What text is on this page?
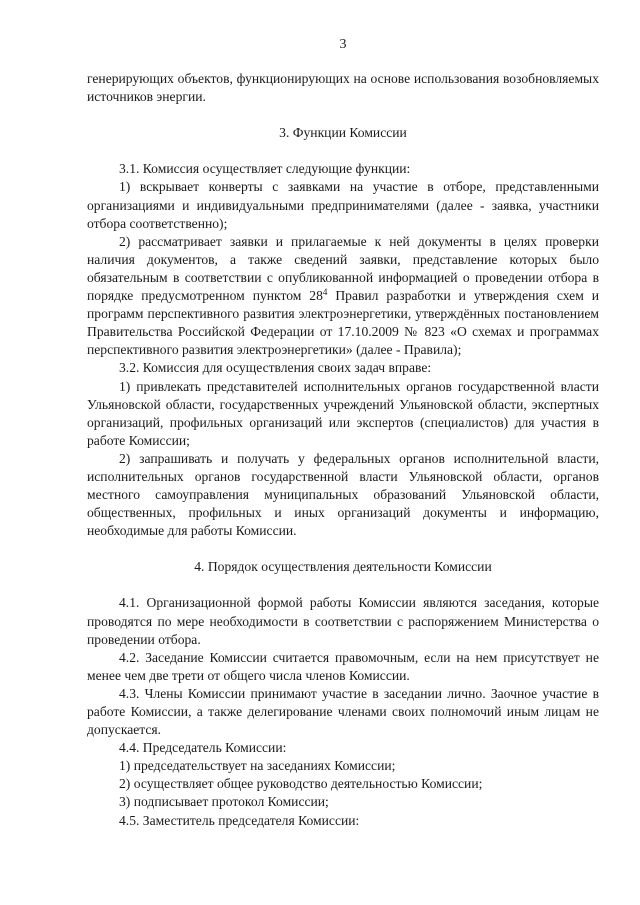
3

генерирующих объектов, функционирующих на основе использования возобновляемых источников энергии.

3. Функции Комиссии

3.1. Комиссия осуществляет следующие функции:

1) вскрывает конверты с заявками на участие в отборе, представленными организациями и индивидуальными предпринимателями (далее - заявка, участники отбора соответственно);

2) рассматривает заявки и прилагаемые к ней документы в целях проверки наличия документов, а также сведений заявки, представление которых было обязательным в соответствии с опубликованной информацией о проведении отбора в порядке предусмотренном пунктом $28^4$ Правил разработки и утверждения схем и программ перспективного развития электроэнергетики, утверждённых постановлением Правительства Российской Федерации от 17.10.2009 № 823 «О схемах и программах перспективного развития электроэнергетики» (далее - Правила);

3.2. Комиссия для осуществления своих задач вправе:

1) привлекать представителей исполнительных органов государственной власти Ульяновской области, государственных учреждений Ульяновской области, экспертных организаций, профильных организаций или экспертов (специалистов) для участия в работе Комиссии;

2) запрашивать и получать у федеральных органов исполнительной власти, исполнительных органов государственной власти Ульяновской области, органов местного самоуправления муниципальных образований Ульяновской области, общественных, профильных и иных организаций документы и информацию, необходимые для работы Комиссии.

4. Порядок осуществления деятельности Комиссии

4.1. Организационной формой работы Комиссии являются заседания, которые проводятся по мере необходимости в соответствии с распоряжением Министерства о проведении отбора.

4.2. Заседание Комиссии считается правомочным, если на нем присутствует не менее чем две трети от общего числа членов Комиссии.

4.3. Члены Комиссии принимают участие в заседании лично. Заочное участие в работе Комиссии, а также делегирование членами своих полномочий иным лицам не допускается.

4.4. Председатель Комиссии:

1) председательствует на заседаниях Комиссии;

2) осуществляет общее руководство деятельностью Комиссии;

3) подписывает протокол Комиссии;

4.5. Заместитель председателя Комиссии:
